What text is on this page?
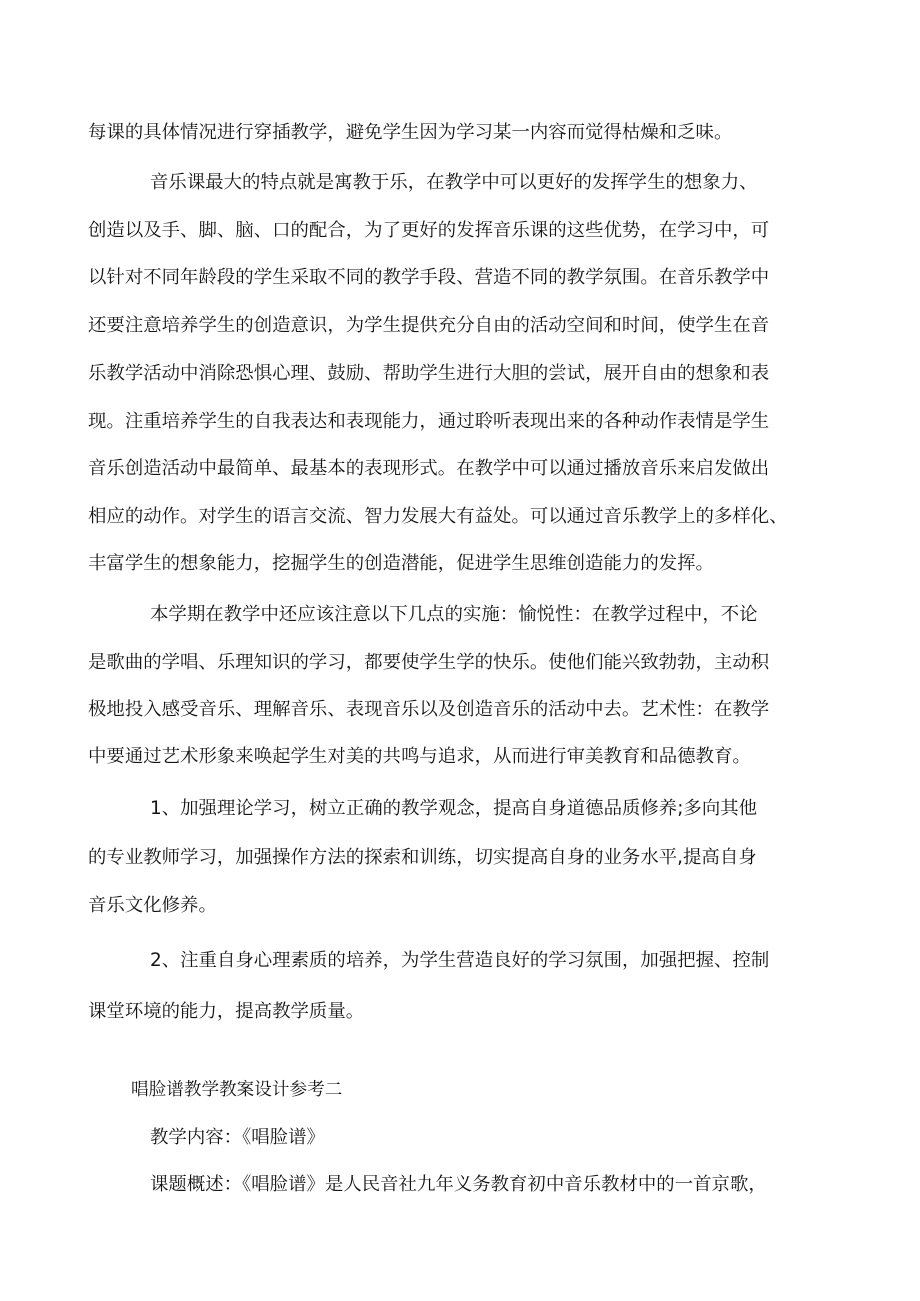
每课的具体情况进行穿插教学，避免学生因为学习某一内容而觉得枯燥和乏味。
音乐课最大的特点就是寓教于乐，在教学中可以更好的发挥学生的想象力、
创造以及手、脚、脑、口的配合，为了更好的发挥音乐课的这些优势，在学习中，可
以针对不同年龄段的学生采取不同的教学手段、营造不同的教学氛围。在音乐教学中
还要注意培养学生的创造意识，为学生提供充分自由的活动空间和时间，使学生在音
乐教学活动中消除恐惧心理、鼓励、帮助学生进行大胆的尝试，展开自由的想象和表
现。注重培养学生的自我表达和表现能力，通过聆听表现出来的各种动作表情是学生
音乐创造活动中最简单、最基本的表现形式。在教学中可以通过播放音乐来启发做出
相应的动作。对学生的语言交流、智力发展大有益处。可以通过音乐教学上的多样化、
丰富学生的想象能力，挖掘学生的创造潜能，促进学生思维创造能力的发挥。
本学期在教学中还应该注意以下几点的实施：愉悦性：在教学过程中，不论
是歌曲的学唱、乐理知识的学习，都要使学生学的快乐。使他们能兴致勃勃，主动积
极地投入感受音乐、理解音乐、表现音乐以及创造音乐的活动中去。艺术性：在教学
中要通过艺术形象来唤起学生对美的共鸣与追求，从而进行审美教育和品德教育。
1、加强理论学习，树立正确的教学观念，提高自身道德品质修养;多向其他
的专业教师学习，加强操作方法的探索和训练，切实提高自身的业务水平,提高自身
音乐文化修养。
2、注重自身心理素质的培养，为学生营造良好的学习氛围，加强把握、控制
课堂环境的能力，提高教学质量。
唱脸谱教学教案设计参考二
教学内容：《唱脸谱》
课题概述：《唱脸谱》是人民音社九年义务教育初中音乐教材中的一首京歌，
